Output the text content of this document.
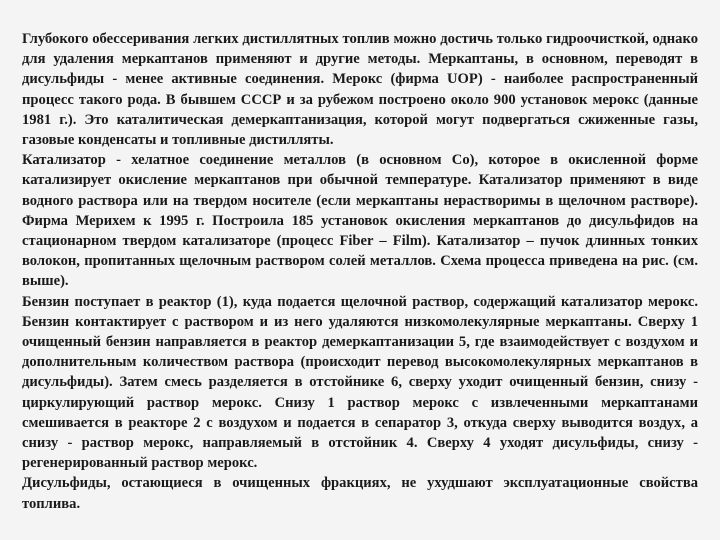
Глубокого обессеривания легких дистиллятных топлив можно достичь только гидроочисткой, однако для удаления меркаптанов применяют и другие методы. Меркаптаны, в основном, переводят в дисульфиды - менее активные соединения. Мерокс (фирма UOP) - наиболее распространенный процесс такого рода. В бывшем СССР и за рубежом построено около 900 установок мерокс (данные 1981 г.). Это каталитическая демеркаптанизация, которой могут подвергаться сжиженные газы, газовые конденсаты и топливные дистилляты.

Катализатор - хелатное соединение металлов (в основном Co), которое в окисленной форме катализирует окисление меркаптанов при обычной температуре. Катализатор применяют в виде водного раствора или на твердом носителе (если меркаптаны нерастворимы в щелочном растворе). Фирма Мерихем к 1995 г. Построила 185 установок окисления меркаптанов до дисульфидов на стационарном твердом катализаторе (процесс Fiber – Film). Катализатор – пучок длинных тонких волокон, пропитанных щелочным раствором солей металлов. Схема процесса приведена на рис. (см. выше).

Бензин поступает в реактор (1), куда подается щелочной раствор, содержащий катализатор мерокс. Бензин контактирует с раствором и из него удаляются низкомолекулярные меркаптаны. Сверху 1 очищенный бензин направляется в реактор демеркаптанизации 5, где взаимодействует с воздухом и дополнительным количеством раствора (происходит перевод высокомолекулярных меркаптанов в дисульфиды). Затем смесь разделяется в отстойнике 6, сверху уходит очищенный бензин, снизу - циркулирующий раствор мерокс. Снизу 1 раствор мерокс с извлеченными меркаптанами смешивается в реакторе 2 с воздухом и подается в сепаратор 3, откуда сверху выводится воздух, а снизу - раствор мерокс, направляемый в отстойник 4. Сверху 4 уходят дисульфиды, снизу - регенерированный раствор мерокс.

Дисульфиды, остающиеся в очищенных фракциях, не ухудшают эксплуатационные свойства топлива.
